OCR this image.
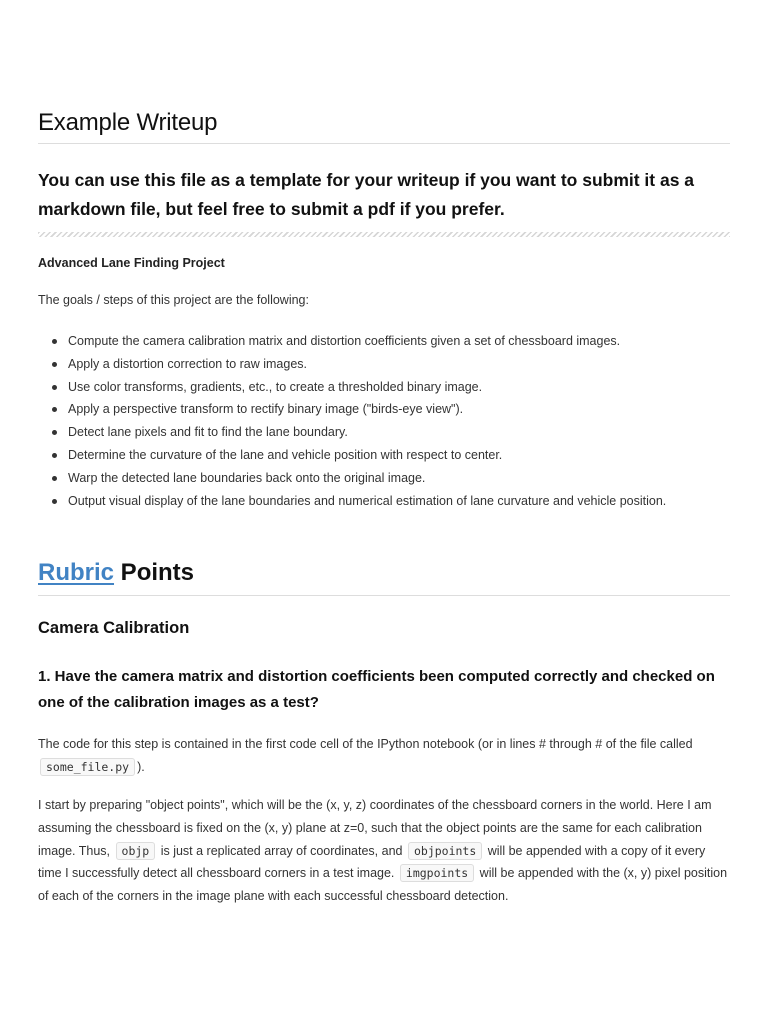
Example Writeup
You can use this file as a template for your writeup if you want to submit it as a markdown file, but feel free to submit a pdf if you prefer.

Advanced Lane Finding Project

The goals / steps of this project are the following:

Compute the camera calibration matrix and distortion coefficients given a set of chessboard images.
Apply a distortion correction to raw images.
Use color transforms, gradients, etc., to create a thresholded binary image.
Apply a perspective transform to rectify binary image ("birds-eye view").
Detect lane pixels and fit to find the lane boundary.
Determine the curvature of the lane and vehicle position with respect to center.
Warp the detected lane boundaries back onto the original image.
Output visual display of the lane boundaries and numerical estimation of lane curvature and vehicle position.
Rubric Points
Camera Calibration
1. Have the camera matrix and distortion coefficients been computed correctly and checked on one of the calibration images as a test?

The code for this step is contained in the first code cell of the IPython notebook (or in lines # through # of the file called some_file.py ).

I start by preparing "object points", which will be the (x, y, z) coordinates of the chessboard corners in the world. Here I am assuming the chessboard is fixed on the (x, y) plane at z=0, such that the object points are the same for each calibration image. Thus, objp is just a replicated array of coordinates, and objpoints will be appended with a copy of it every time I successfully detect all chessboard corners in a test image. imgpoints will be appended with the (x, y) pixel position of each of the corners in the image plane with each successful chessboard detection.
